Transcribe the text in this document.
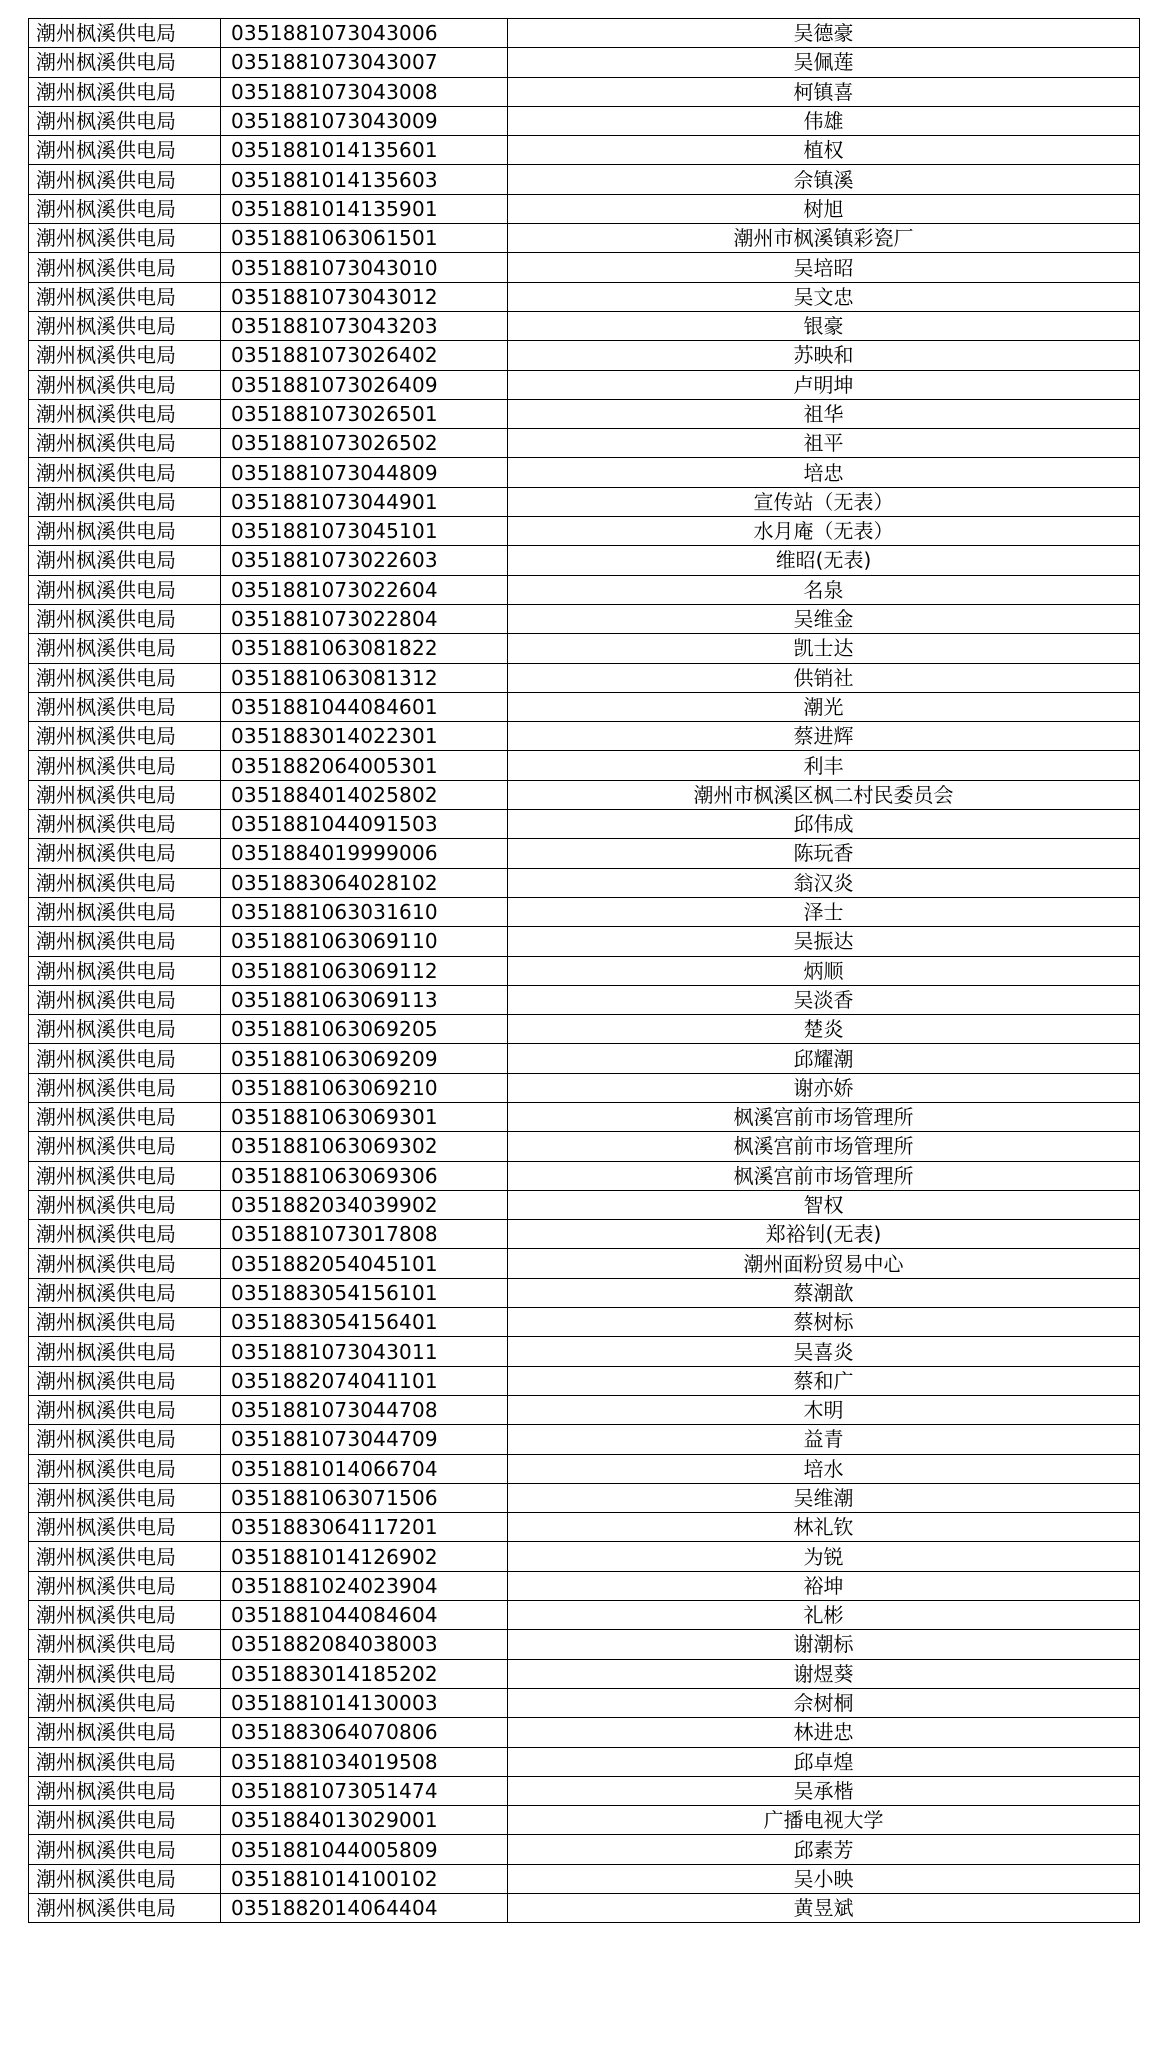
潮州枫溪供电局	0351881073043006	吴德豪
潮州枫溪供电局	0351881073043007	吴佩莲
潮州枫溪供电局	0351881073043008	柯镇喜
潮州枫溪供电局	0351881073043009	伟雄
潮州枫溪供电局	0351881014135601	植权
潮州枫溪供电局	0351881014135603	佘镇溪
潮州枫溪供电局	0351881014135901	树旭
潮州枫溪供电局	0351881063061501	潮州市枫溪镇彩瓷厂
潮州枫溪供电局	0351881073043010	吴培昭
潮州枫溪供电局	0351881073043012	吴文忠
潮州枫溪供电局	0351881073043203	银豪
潮州枫溪供电局	0351881073026402	苏映和
潮州枫溪供电局	0351881073026409	卢明坤
潮州枫溪供电局	0351881073026501	祖华
潮州枫溪供电局	0351881073026502	祖平
潮州枫溪供电局	0351881073044809	培忠
潮州枫溪供电局	0351881073044901	宣传站（无表）
潮州枫溪供电局	0351881073045101	水月庵（无表）
潮州枫溪供电局	0351881073022603	维昭(无表)
潮州枫溪供电局	0351881073022604	名泉
潮州枫溪供电局	0351881073022804	吴维金
潮州枫溪供电局	0351881063081822	凯士达
潮州枫溪供电局	0351881063081312	供销社
潮州枫溪供电局	0351881044084601	潮光
潮州枫溪供电局	0351883014022301	蔡进辉
潮州枫溪供电局	0351882064005301	利丰
潮州枫溪供电局	0351884014025802	潮州市枫溪区枫二村民委员会
潮州枫溪供电局	0351881044091503	邱伟成
潮州枫溪供电局	0351884019999006	陈玩香
潮州枫溪供电局	0351883064028102	翁汉炎
潮州枫溪供电局	0351881063031610	泽士
潮州枫溪供电局	0351881063069110	吴振达
潮州枫溪供电局	0351881063069112	炳顺
潮州枫溪供电局	0351881063069113	吴淡香
潮州枫溪供电局	0351881063069205	楚炎
潮州枫溪供电局	0351881063069209	邱耀潮
潮州枫溪供电局	0351881063069210	谢亦娇
潮州枫溪供电局	0351881063069301	枫溪宫前市场管理所
潮州枫溪供电局	0351881063069302	枫溪宫前市场管理所
潮州枫溪供电局	0351881063069306	枫溪宫前市场管理所
潮州枫溪供电局	0351882034039902	智权
潮州枫溪供电局	0351881073017808	郑裕钊(无表)
潮州枫溪供电局	0351882054045101	潮州面粉贸易中心
潮州枫溪供电局	0351883054156101	蔡潮歆
潮州枫溪供电局	0351883054156401	蔡树标
潮州枫溪供电局	0351881073043011	吴喜炎
潮州枫溪供电局	0351882074041101	蔡和广
潮州枫溪供电局	0351881073044708	木明
潮州枫溪供电局	0351881073044709	益青
潮州枫溪供电局	0351881014066704	培水
潮州枫溪供电局	0351881063071506	吴维潮
潮州枫溪供电局	0351883064117201	林礼钦
潮州枫溪供电局	0351881014126902	为锐
潮州枫溪供电局	0351881024023904	裕坤
潮州枫溪供电局	0351881044084604	礼彬
潮州枫溪供电局	0351882084038003	谢潮标
潮州枫溪供电局	0351883014185202	谢煜葵
潮州枫溪供电局	0351881014130003	佘树桐
潮州枫溪供电局	0351883064070806	林进忠
潮州枫溪供电局	0351881034019508	邱卓煌
潮州枫溪供电局	0351881073051474	吴承楷
潮州枫溪供电局	0351884013029001	广播电视大学
潮州枫溪供电局	0351881044005809	邱素芳
潮州枫溪供电局	0351881014100102	吴小映
潮州枫溪供电局	0351882014064404	黄昱斌
